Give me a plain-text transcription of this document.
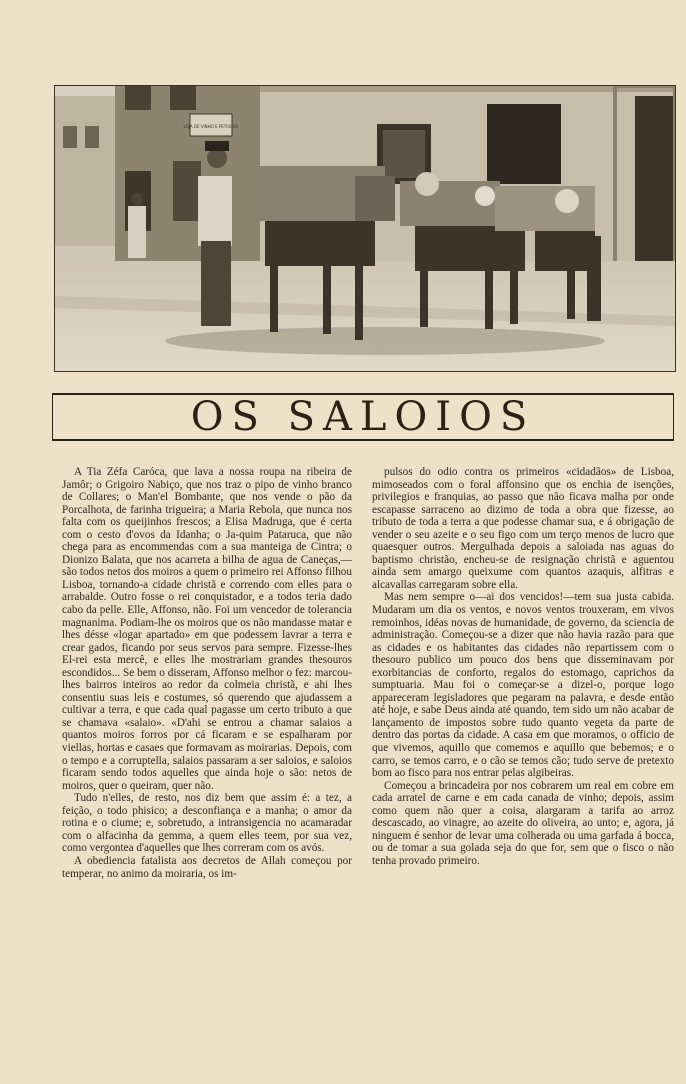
LOJA DE VINHO E PETISCOS
OS SALOIOS

A Tia Zéfa Caróca, que lava a nossa roupa na ribeira de Jamôr; o Grigoiro Nabiço, que nos traz o pipo de vinho branco de Collares; o Man'el Bombante, que nos vende o pão da Porcalhota, de farinha trigueira; a Maria Rebola, que nunca nos falta com os queijinhos frescos; a Elisa Madruga, que é certa com o cesto d'ovos da Idanha; o Ja-quim Pataruca, que não chega para as encommendas com a sua manteiga de Cintra; o Dionizo Balata, que nos acarreta a bilha de agua de Caneças,—são todos netos dos moiros a quem o primeiro rei Affonso filhou Lisboa, tornando-a cidade christã e correndo com elles para o arrabalde. Outro fosse o rei conquistador, e a todos teria dado cabo da pelle. Elle, Affonso, não. Foi um vencedor de tolerancia magnanima. Podiam-lhe os moiros que os não mandasse matar e lhes désse «logar apartado» em que podessem lavrar a terra e crear gados, ficando por seus servos para sempre. Fizesse-lhes El-rei esta mercê, e elles lhe mostrariam grandes thesouros escondidos... Se bem o disseram, Affonso melhor o fez: marcou-lhes bairros inteiros ao redor da colmeia christã, e ahi lhes consentiu suas leis e costumes, só querendo que ajudassem a cultivar a terra, e que cada qual pagasse um certo tributo a que se chamava «salaio». «D'ahi se entrou a chamar salaios a quantos moiros forros por cá ficaram e se espalharam por viellas, hortas e casaes que formavam as moirarias. Depois, com o tempo e a corruptella, salaios passaram a ser saloios, e saloios ficaram sendo todos aquelles que ainda hoje o são: netos de moiros, quer o queiram, quer não.

Tudo n'elles, de resto, nos diz bem que assim é: a tez, a feição, o todo phisico; a desconfiança e a manha; o amor da rotina e o ciume; e, sobretudo, a intransigencia no acamaradar com o alfacinha da gemma, a quem elles teem, por sua vez, como vergontea d'aquelles que lhes correram com os avós.

A obediencia fatalista aos decretos de Allah começou por temperar, no animo da moiraria, os im-

pulsos do odio contra os primeiros «cidadãos» de Lisboa, mimoseados com o foral affonsino que os enchia de isenções, privilegios e franquias, ao passo que não ficava malha por onde escapasse sarraceno ao dizimo de toda a obra que fizesse, ao tributo de toda a terra a que podesse chamar sua, e á obrigação de vender o seu azeite e o seu figo com um terço menos de lucro que quaesquer outros. Mergulhada depois a saloiada nas aguas do baptismo christão, encheu-se de resignação christã e aguentou ainda sem amargo queixume com quantos azaquis, alfitras e alcavallas carregaram sobre ella.

Mas nem sempre o—ai dos vencidos!—tem sua justa cabida. Mudaram um dia os ventos, e novos ventos trouxeram, em vivos remoinhos, idéas novas de humanidade, de governo, da sciencia de administração. Começou-se a dizer que não havia razão para que as cidades e os habitantes das cidades não repartissem com o thesouro publico um pouco dos bens que disseminavam por exorbitancias de conforto, regalos do estomago, caprichos da sumptuaria. Mau foi o começar-se a dizel-o, porque logo appareceram legisladores que pegaram na palavra, e desde então até hoje, e sabe Deus ainda até quando, tem sido um não acabar de lançamento de impostos sobre tudo quanto vegeta da parte de dentro das portas da cidade. A casa em que moramos, o officio de que vivemos, aquillo que comemos e aquillo que bebemos; e o carro, se temos carro, e o cão se temos cão; tudo serve de pretexto bom ao fisco para nos entrar pelas algibeiras.

Começou a brincadeira por nos cobrarem um real em cobre em cada arratel de carne e em cada canada de vinho; depois, assim como quem não quer a coisa, alargaram a tarifa ao arroz descascado, ao vinagre, ao azeite do oliveira, ao unto; e, agora, já ninguem é senhor de levar uma colherada ou uma garfada á bocca, ou de tomar a sua golada seja do que for, sem que o fisco o não tenha provado primeiro.
